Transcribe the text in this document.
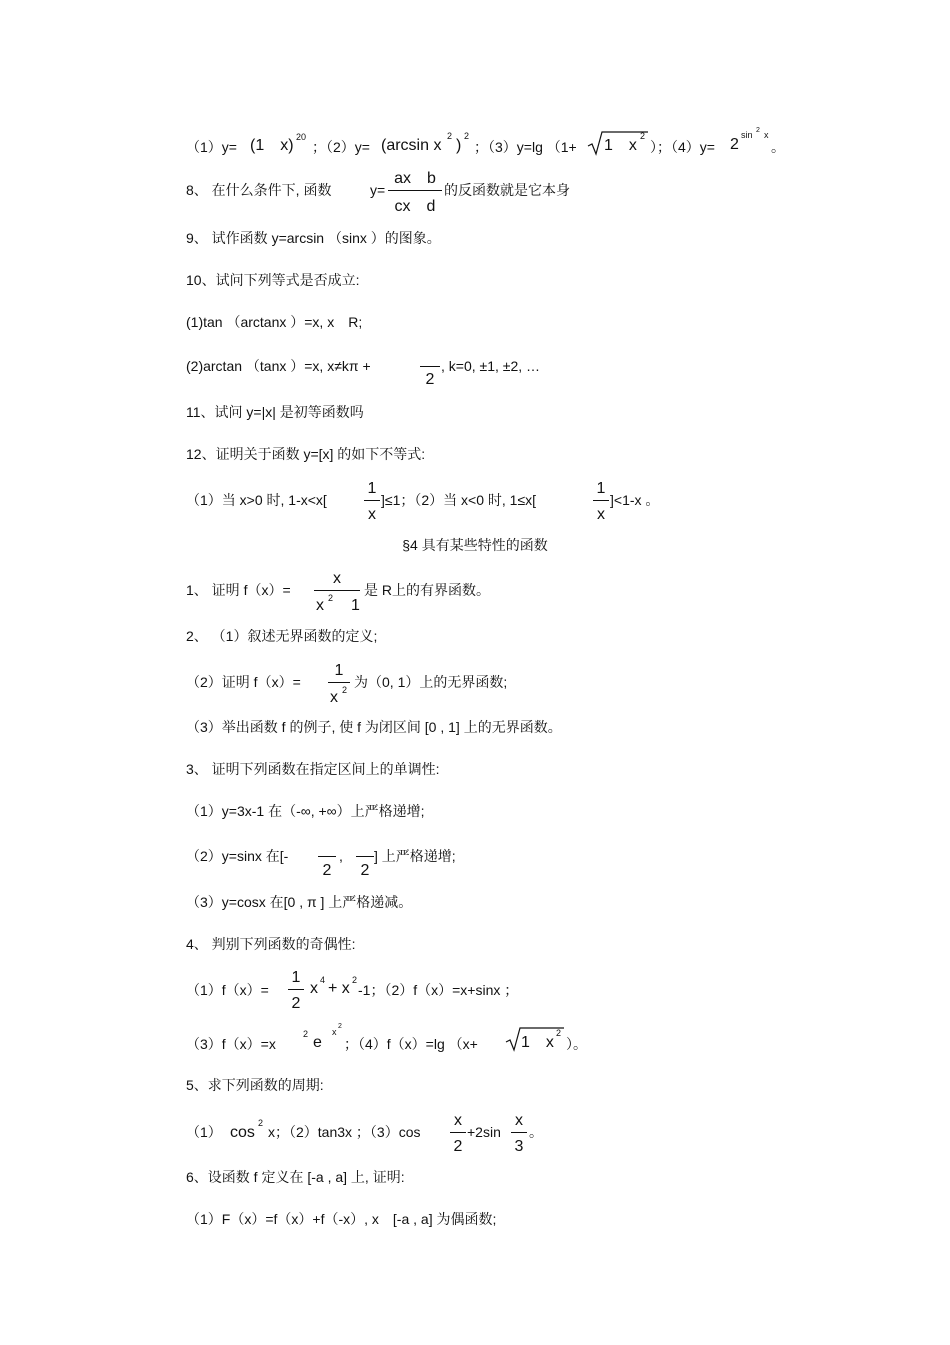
（1）y= (1　x) 20
；（2）y= (arcsin x
2
)
2
；（3）y=lg （1+ 1　x
2
）；（4）y= 2
sin 2 x
。
8、 在什么条件下, 函数	y=
ax　b
cx　d
的反函数就是它本身
9、 试作函数 y=arcsin （sinx ）的图象。
10、试问下列等式是否成立:
(1)tan （arctanx ）=x, x　R;
(2)arctan （tanx ）=x, x≠kπ +
2
, k=0, ±1, ±2, …
11、试问 y=|x| 是初等函数吗
12、证明关于函数 y=[x] 的如下不等式:
（1）当 x>0 时, 1-x<x[
1
x
]≤1；（2）当 x<0 时, 1≤x[
1
x
]<1-x 。
§4 具有某些特性的函数
1、 证明 f（x）=
x
x 2 1
是 R上的有界函数。
2、 （1）叙述无界函数的定义;
（2）证明 f（x）=
1
x 2 为（0, 1）上的无界函数;
（3）举出函数 f 的例子, 使 f 为闭区间 [0 , 1] 上的无界函数。
3、 证明下列函数在指定区间上的单调性:
（1）y=3x-1 在（-∞, +∞）上严格递增;
（2）y=sinx 在[-
2
,
2
] 上严格递增;
（3）y=cosx 在[0 , π ] 上严格递减。
4、 判别下列函数的奇偶性:
（1）f（x）=
1
2
x 4 + x 2
-1；（2）f（x）=x+sinx ；
（3）f（x）=x
2 e
x
2
；（4）f（x）=lg （x+	1　x
2
）。
5、求下列函数的周期:
（1） cos
2
x；（2）tan3x ；（3）cos
x
2
+2sin
x
3
。
6、设函数 f 定义在 [-a , a] 上, 证明:
（1）F（x）=f（x）+f（-x）, x　[-a , a] 为偶函数;
